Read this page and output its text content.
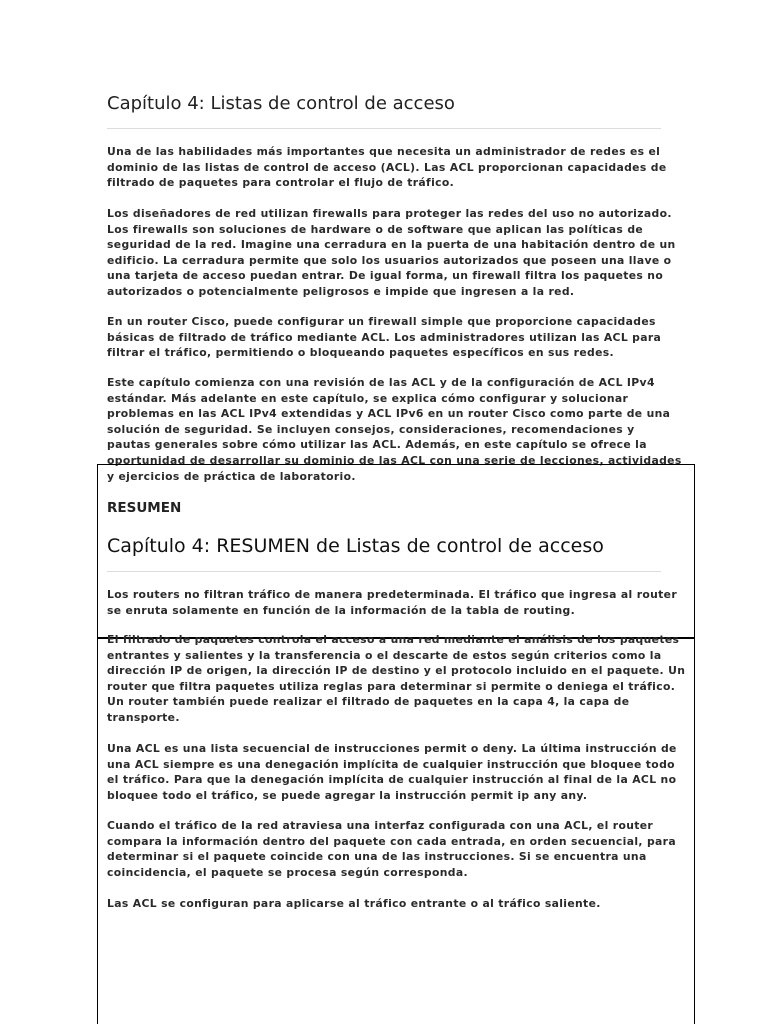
Capítulo 4: Listas de control de acceso

Una de las habilidades más importantes que necesita un administrador de redes es el
dominio de las listas de control de acceso (ACL). Las ACL proporcionan capacidades de
filtrado de paquetes para controlar el flujo de tráfico.

Los diseñadores de red utilizan firewalls para proteger las redes del uso no autorizado.
Los firewalls son soluciones de hardware o de software que aplican las políticas de
seguridad de la red. Imagine una cerradura en la puerta de una habitación dentro de un
edificio. La cerradura permite que solo los usuarios autorizados que poseen una llave o
una tarjeta de acceso puedan entrar. De igual forma, un firewall filtra los paquetes no
autorizados o potencialmente peligrosos e impide que ingresen a la red.

En un router Cisco, puede configurar un firewall simple que proporcione capacidades
básicas de filtrado de tráfico mediante ACL. Los administradores utilizan las ACL para
filtrar el tráfico, permitiendo o bloqueando paquetes específicos en sus redes.

Este capítulo comienza con una revisión de las ACL y de la configuración de ACL IPv4
estándar. Más adelante en este capítulo, se explica cómo configurar y solucionar
problemas en las ACL IPv4 extendidas y ACL IPv6 en un router Cisco como parte de una
solución de seguridad. Se incluyen consejos, consideraciones, recomendaciones y
pautas generales sobre cómo utilizar las ACL. Además, en este capítulo se ofrece la
oportunidad de desarrollar su dominio de las ACL con una serie de lecciones, actividades
y ejercicios de práctica de laboratorio.

RESUMEN
Capítulo 4: RESUMEN de Listas de control de acceso

Los routers no filtran tráfico de manera predeterminada. El tráfico que ingresa al router
se enruta solamente en función de la información de la tabla de routing.

El filtrado de paquetes controla el acceso a una red mediante el análisis de los paquetes
entrantes y salientes y la transferencia o el descarte de estos según criterios como la
dirección IP de origen, la dirección IP de destino y el protocolo incluido en el paquete. Un
router que filtra paquetes utiliza reglas para determinar si permite o deniega el tráfico.
Un router también puede realizar el filtrado de paquetes en la capa 4, la capa de
transporte.

Una ACL es una lista secuencial de instrucciones permit o deny. La última instrucción de
una ACL siempre es una denegación implícita de cualquier instrucción que bloquee todo
el tráfico. Para que la denegación implícita de cualquier instrucción al final de la ACL no
bloquee todo el tráfico, se puede agregar la instrucción permit ip any any.

Cuando el tráfico de la red atraviesa una interfaz configurada con una ACL, el router
compara la información dentro del paquete con cada entrada, en orden secuencial, para
determinar si el paquete coincide con una de las instrucciones. Si se encuentra una
coincidencia, el paquete se procesa según corresponda.

Las ACL se configuran para aplicarse al tráfico entrante o al tráfico saliente.
